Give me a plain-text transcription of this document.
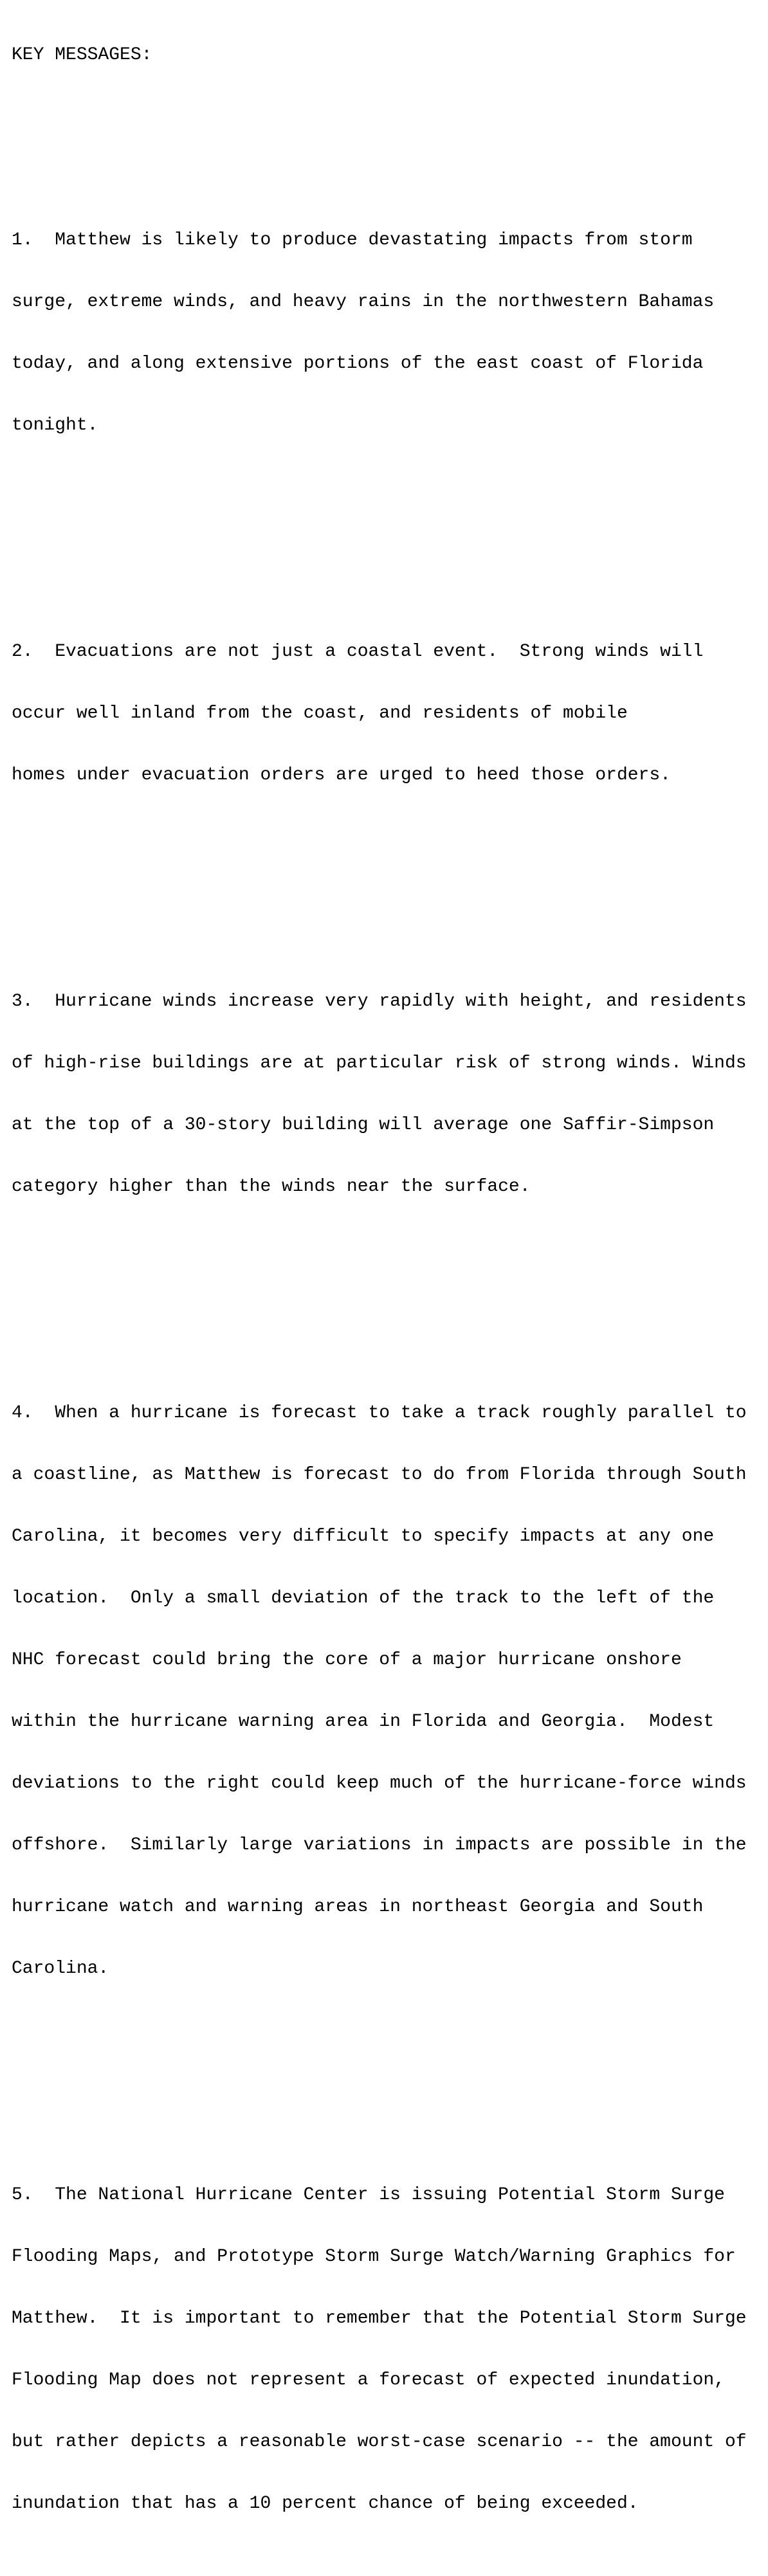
KEY MESSAGES:

1.  Matthew is likely to produce devastating impacts from storm

surge, extreme winds, and heavy rains in the northwestern Bahamas

today, and along extensive portions of the east coast of Florida

tonight.

2.  Evacuations are not just a coastal event.  Strong winds will

occur well inland from the coast, and residents of mobile

homes under evacuation orders are urged to heed those orders.

3.  Hurricane winds increase very rapidly with height, and residents

of high-rise buildings are at particular risk of strong winds. Winds

at the top of a 30-story building will average one Saffir-Simpson

category higher than the winds near the surface.

4.  When a hurricane is forecast to take a track roughly parallel to

a coastline, as Matthew is forecast to do from Florida through South

Carolina, it becomes very difficult to specify impacts at any one

location.  Only a small deviation of the track to the left of the

NHC forecast could bring the core of a major hurricane onshore

within the hurricane warning area in Florida and Georgia.  Modest

deviations to the right could keep much of the hurricane-force winds

offshore.  Similarly large variations in impacts are possible in the

hurricane watch and warning areas in northeast Georgia and South

Carolina.

5.  The National Hurricane Center is issuing Potential Storm Surge

Flooding Maps, and Prototype Storm Surge Watch/Warning Graphics for

Matthew.  It is important to remember that the Potential Storm Surge

Flooding Map does not represent a forecast of expected inundation,

but rather depicts a reasonable worst-case scenario -- the amount of

inundation that has a 10 percent chance of being exceeded.
